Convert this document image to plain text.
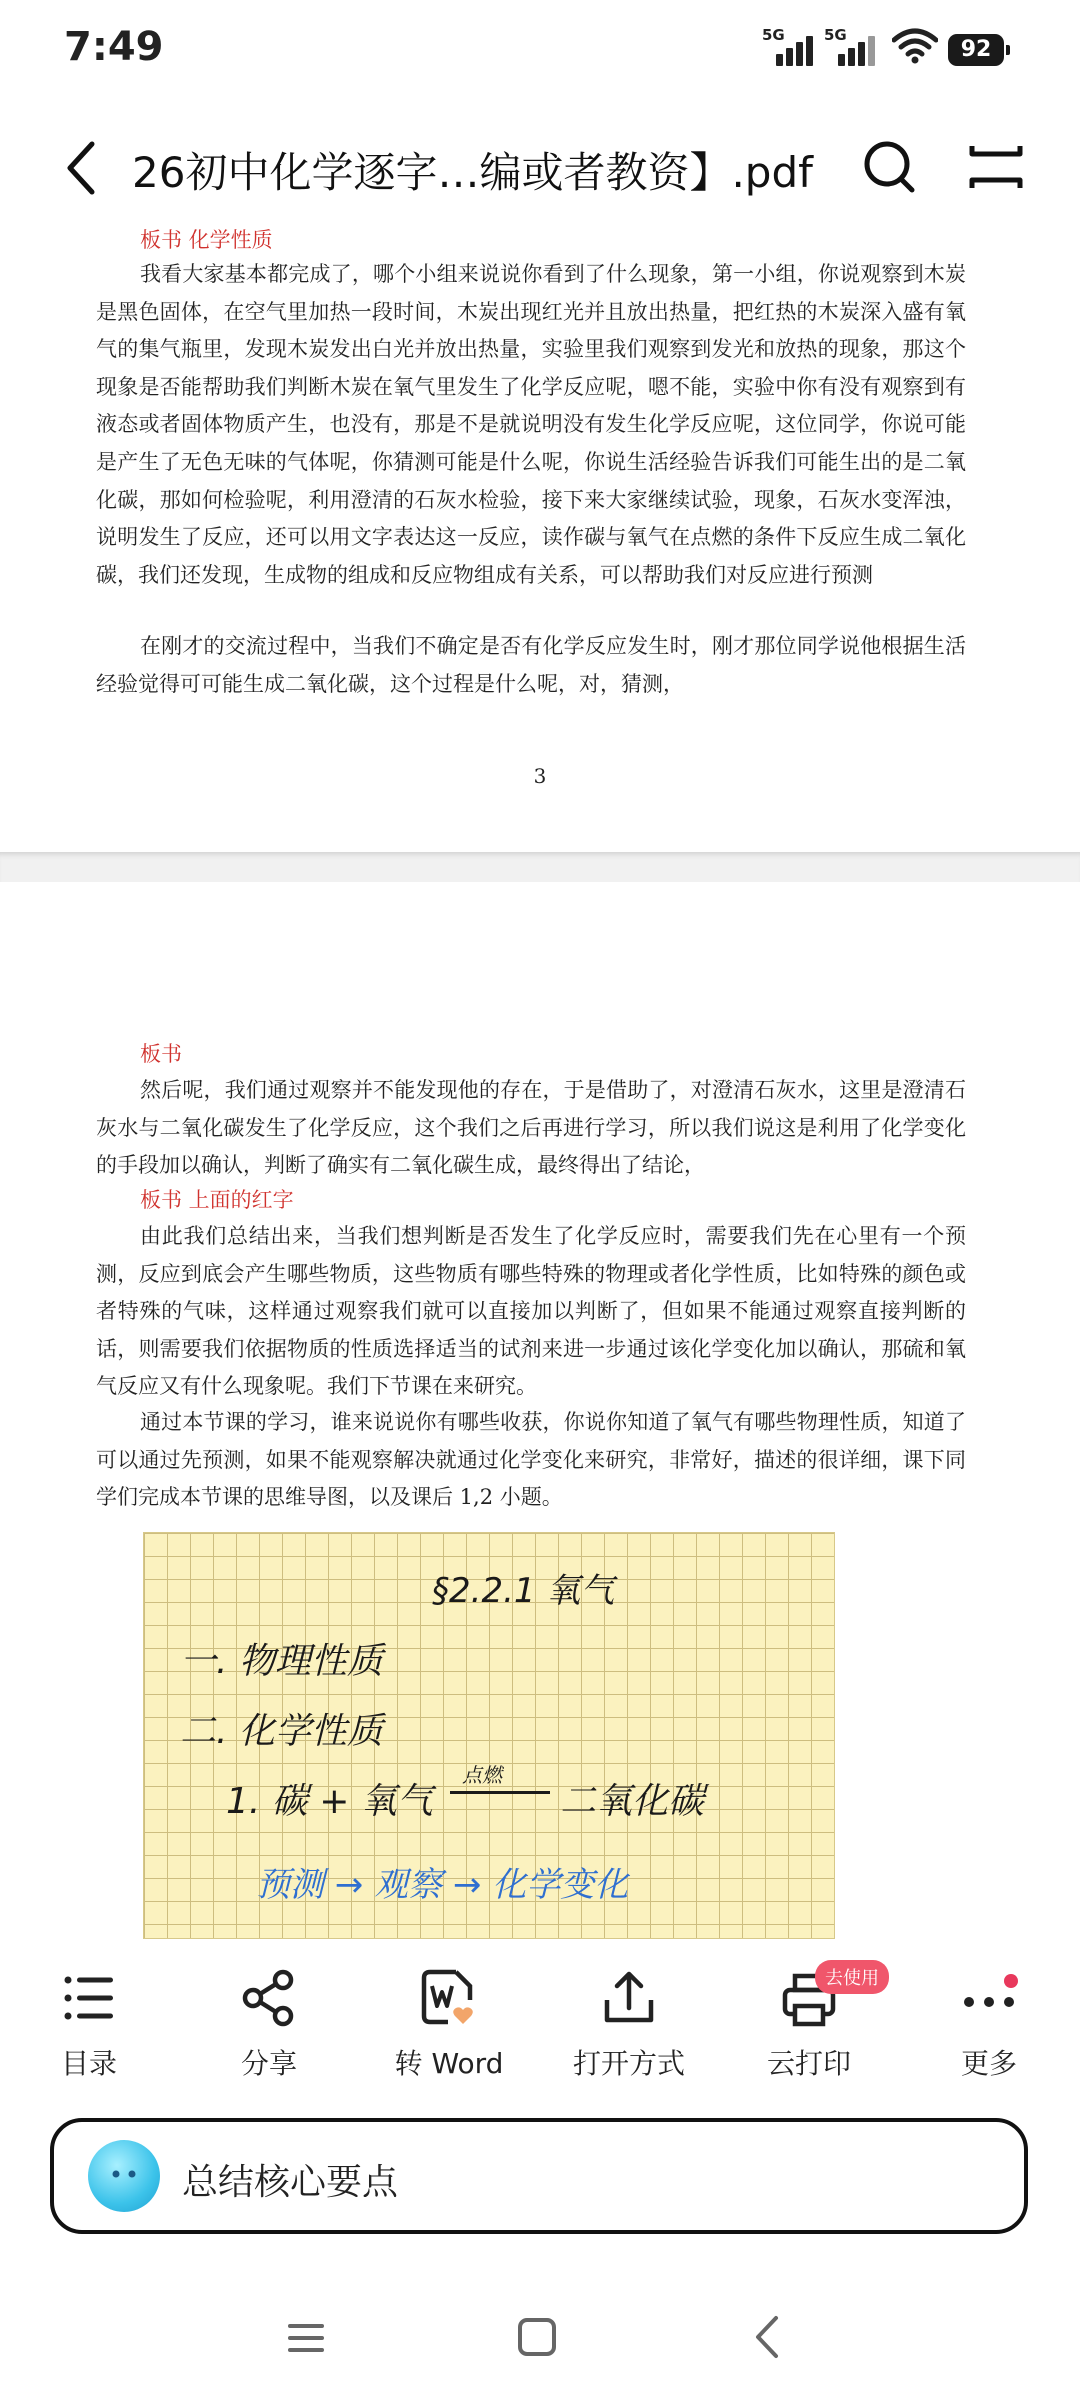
7:49	5G	5G
92
26初中化学逐字…编或者教资】.pdf
板书 化学性质
我看大家基本都完成了，哪个小组来说说你看到了什么现象，第一小组，你说观察到木炭是黑色固体，在空气里加热一段时间，木炭出现红光并且放出热量，把红热的木炭深入盛有氧气的集气瓶里，发现木炭发出白光并放出热量，实验里我们观察到发光和放热的现象，那这个现象是否能帮助我们判断木炭在氧气里发生了化学反应呢，嗯不能，实验中你有没有观察到有液态或者固体物质产生，也没有，那是不是就说明没有发生化学反应呢，这位同学，你说可能是产生了无色无味的气体呢，你猜测可能是什么呢，你说生活经验告诉我们可能生出的是二氧化碳，那如何检验呢，利用澄清的石灰水检验，接下来大家继续试验，现象，石灰水变浑浊，说明发生了反应，还可以用文字表达这一反应，读作碳与氧气在点燃的条件下反应生成二氧化碳，我们还发现，生成物的组成和反应物组成有关系，可以帮助我们对反应进行预测
在刚才的交流过程中，当我们不确定是否有化学反应发生时，刚才那位同学说他根据生活经验觉得可可能生成二氧化碳，这个过程是什么呢，对，猜测，
3
板书
然后呢，我们通过观察并不能发现他的存在，于是借助了，对澄清石灰水，这里是澄清石灰水与二氧化碳发生了化学反应，这个我们之后再进行学习，所以我们说这是利用了化学变化的手段加以确认，判断了确实有二氧化碳生成，最终得出了结论，
板书 上面的红字
由此我们总结出来，当我们想判断是否发生了化学反应时，需要我们先在心里有一个预测，反应到底会产生哪些物质，这些物质有哪些特殊的物理或者化学性质，比如特殊的颜色或者特殊的气味，这样通过观察我们就可以直接加以判断了，但如果不能通过观察直接判断的话，则需要我们依据物质的性质选择适当的试剂来进一步通过该化学变化加以确认，那硫和氧气反应又有什么现象呢。我们下节课在来研究。
通过本节课的学习，谁来说说你有哪些收获，你说你知道了氧气有哪些物理性质，知道了可以通过先预测，如果不能观察解决就通过化学变化来研究，非常好，描述的很详细，课下同学们完成本节课的思维导图，以及课后 1,2 小题。
§2.2.1 氧气
一. 物理性质
二. 化学性质
1. 碳 + 氧气
点燃
二氧化碳
预测 → 观察 → 化学变化
目录	分享	转 Word	打开方式	云打印
去使用
更多
总结核心要点
